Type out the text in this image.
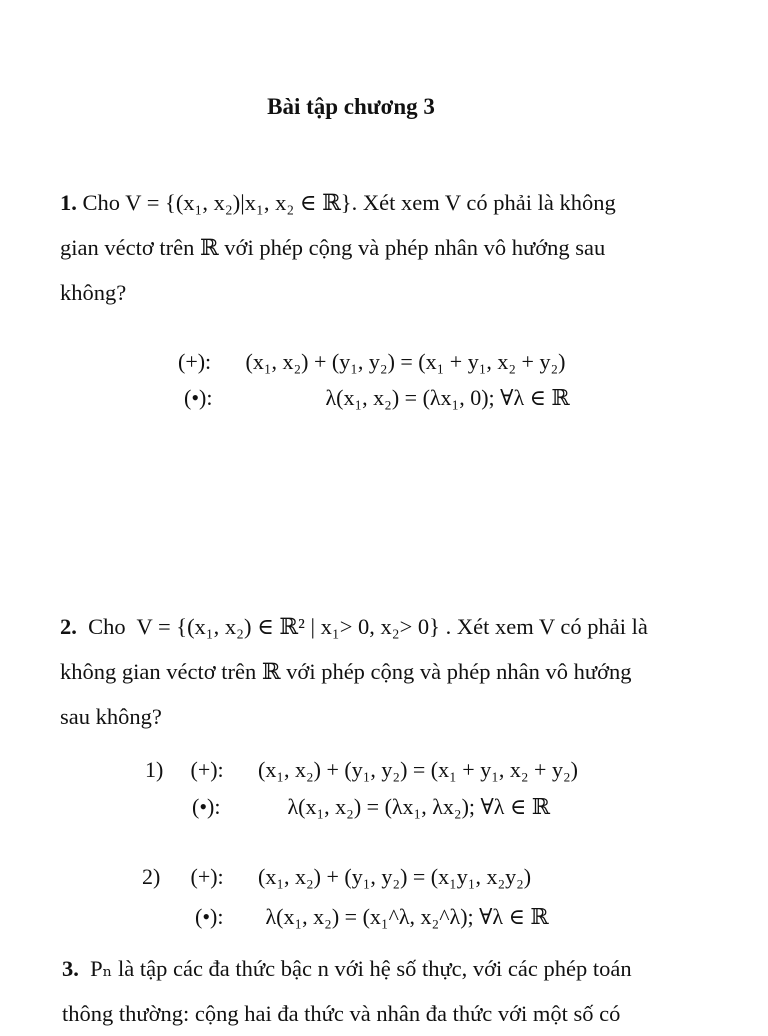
Bài tập chương 3
1. Cho V = {(x₁, x₂)|x₁, x₂ ∈ ℝ}. Xét xem V có phải là không
gian véctơ trên ℝ với phép cộng và phép nhân vô hướng sau
không?
(+): (x₁, x₂) + (y₁, y₂) = (x₁ + y₁, x₂ + y₂)
(•):	λ(x₁, x₂) = (λx₁, 0); ∀λ ∈ ℝ
2. Cho V = {(x₁, x₂) ∈ ℝ² | x₁> 0, x₂> 0} . Xét xem V có phải là
không gian véctơ trên ℝ với phép cộng và phép nhân vô hướng
sau không?
1) (+): (x₁, x₂) + (y₁, y₂) = (x₁ + y₁, x₂ + y₂)
(•):	λ(x₁, x₂) = (λx₁, λx₂); ∀λ ∈ ℝ
2) (+): (x₁, x₂) + (y₁, y₂) = (x₁y₁, x₂y₂)
(•): λ(x₁, x₂) = (x₁^λ, x₂^λ); ∀λ ∈ ℝ
3. Pₙ là tập các đa thức bậc n với hệ số thực, với các phép toán
thông thường: cộng hai đa thức và nhân đa thức với một số có
